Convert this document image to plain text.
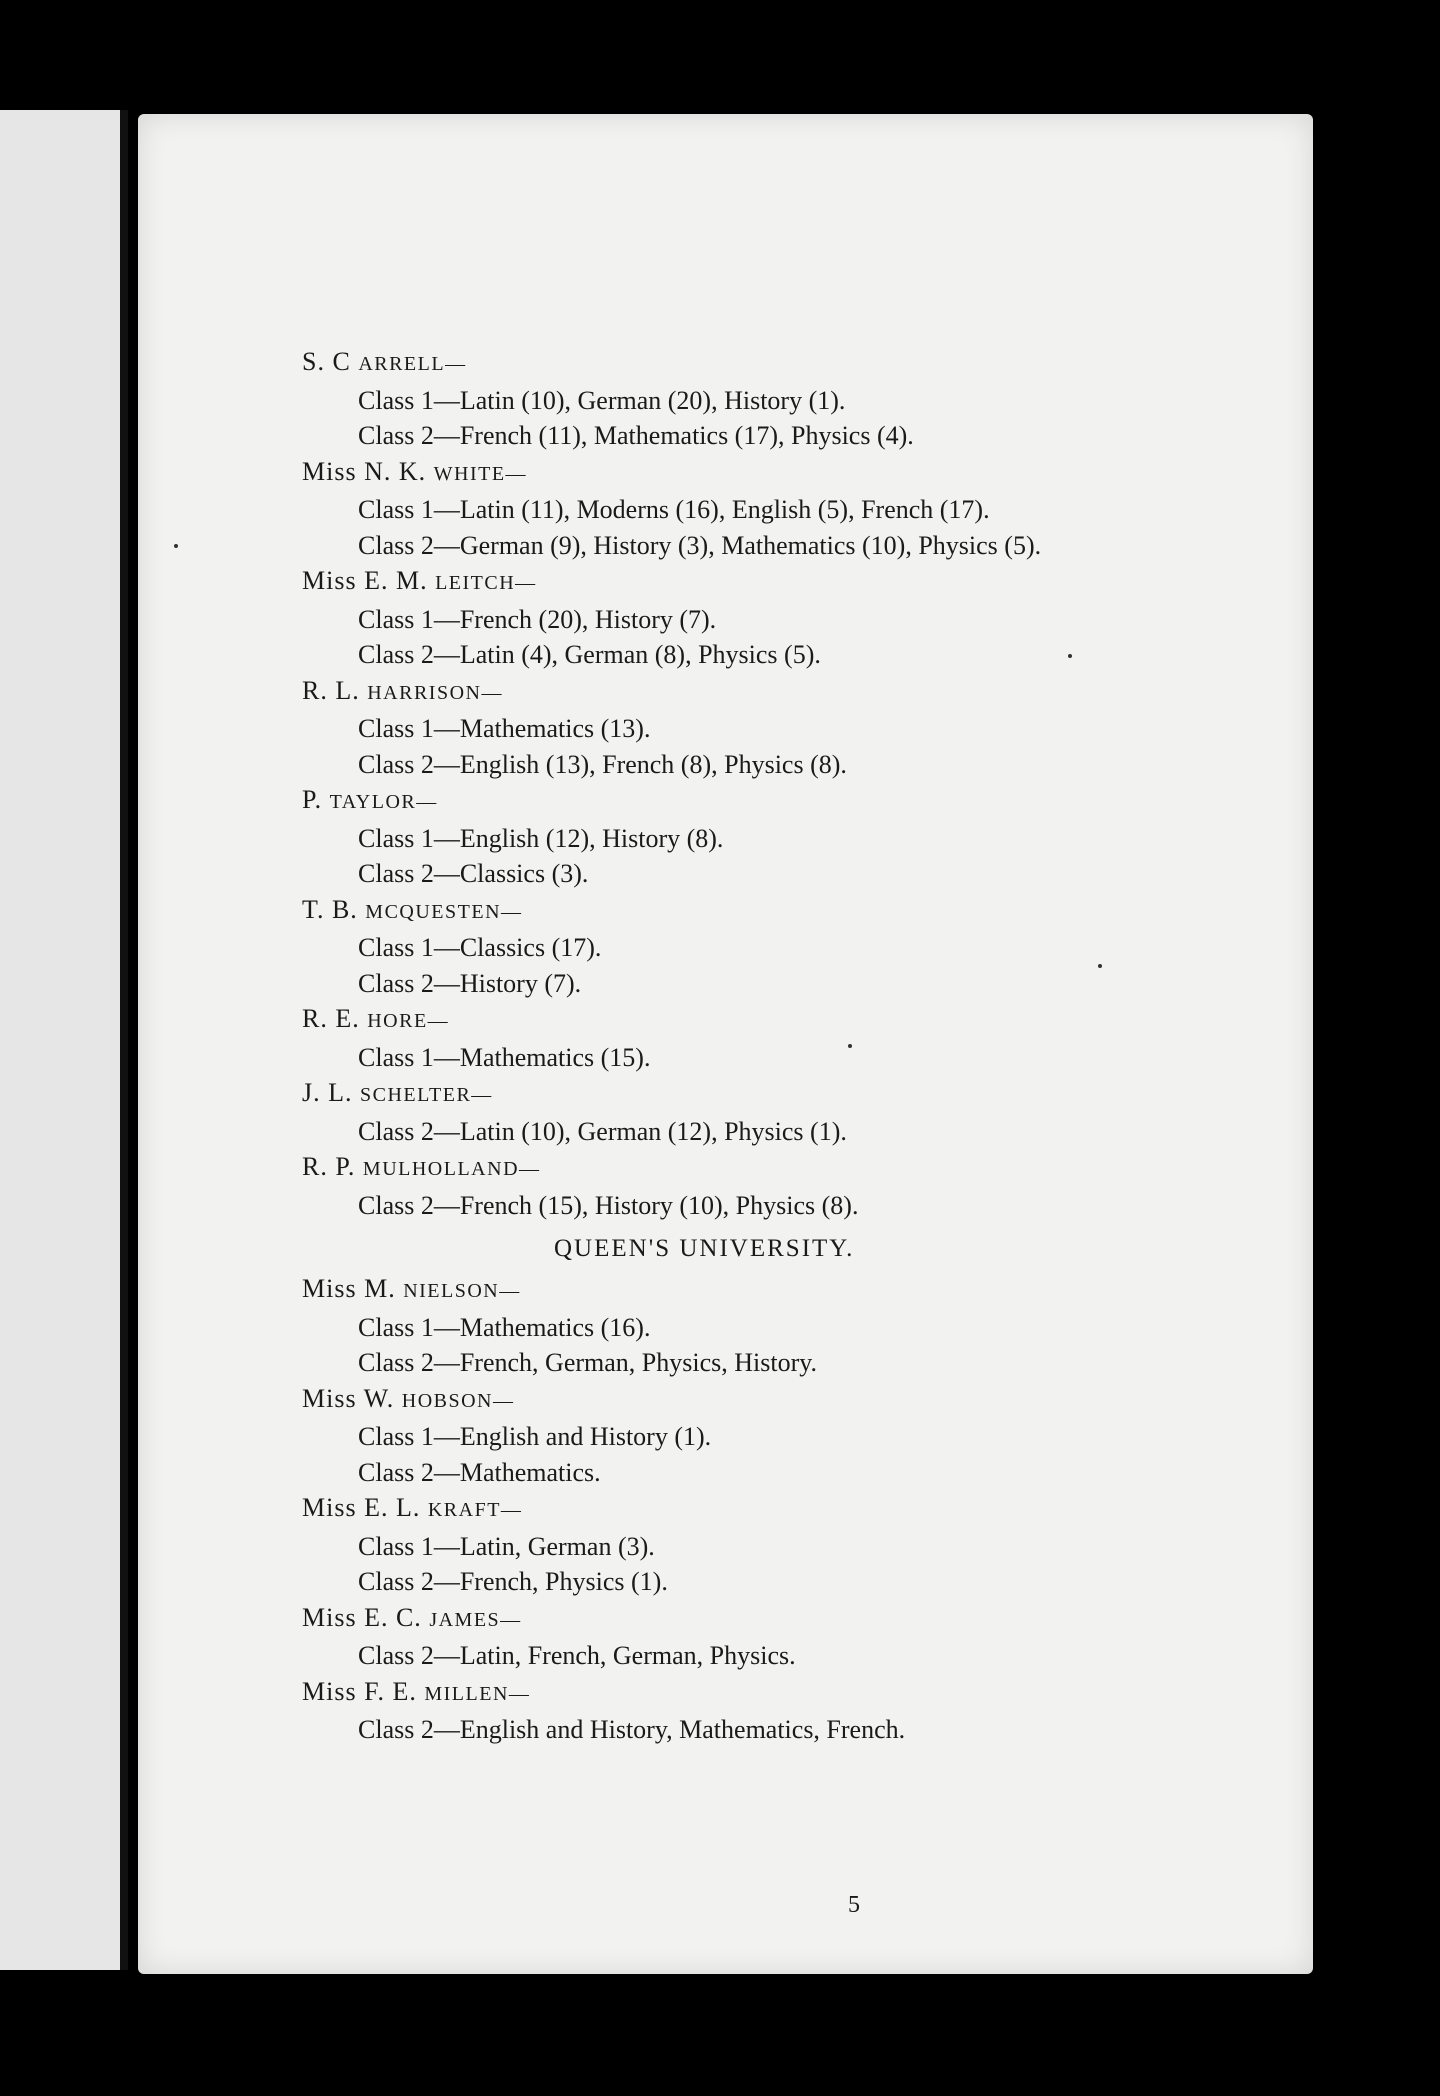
5
S. C ARRELL—
Class 1—Latin (10), German (20), History (1).
Class 2—French (11), Mathematics (17), Physics (4).
Miss N. K. WHITE—
Class 1—Latin (11), Moderns (16), English (5), French (17).
Class 2—German (9), History (3), Mathematics (10), Physics (5).
Miss E. M. LEITCH—
Class 1—French (20), History (7).
Class 2—Latin (4), German (8), Physics (5).
R. L. HARRISON—
Class 1—Mathematics (13).
Class 2—English (13), French (8), Physics (8).
P. TAYLOR—
Class 1—English (12), History (8).
Class 2—Classics (3).
T. B. MCQUESTEN—
Class 1—Classics (17).
Class 2—History (7).
R. E. HORE—
Class 1—Mathematics (15).
J. L. SCHELTER—
Class 2—Latin (10), German (12), Physics (1).
R. P. MULHOLLAND—
Class 2—French (15), History (10), Physics (8).
QUEEN'S UNIVERSITY.
Miss M. NIELSON—
Class 1—Mathematics (16).
Class 2—French, German, Physics, History.
Miss W. HOBSON—
Class 1—English and History (1).
Class 2—Mathematics.
Miss E. L. KRAFT—
Class 1—Latin, German (3).
Class 2—French, Physics (1).
Miss E. C. JAMES—
Class 2—Latin, French, German, Physics.
Miss F. E. MILLEN—
Class 2—English and History, Mathematics, French.
